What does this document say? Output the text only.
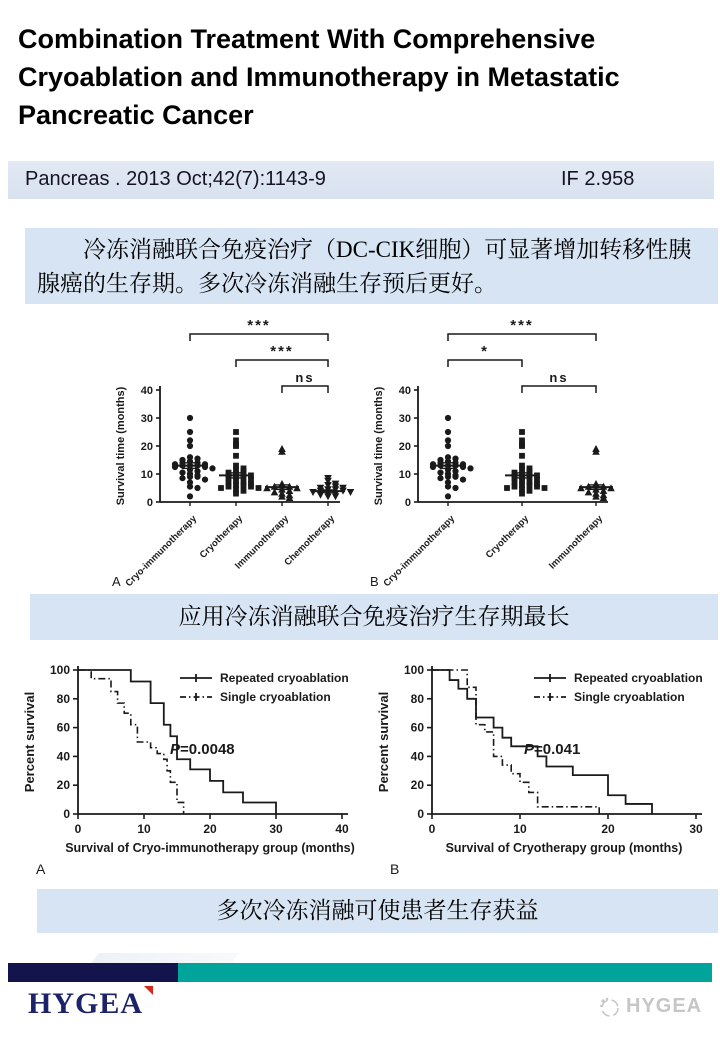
Combination Treatment With Comprehensive
Cryoablation and Immunotherapy in Metastatic
Pancreatic Cancer
Pancreas . 2013 Oct;42(7):1143-9	IF 2.958

冷冻消融联合免疫治疗（DC-CIK细胞）可显著增加转移性胰腺癌的生存期。多次冷冻消融生存预后更好。

0
10
20
30
40
Survival time (months)
Cryo-immunotherapy
Cryotherapy
Immunotherapy
Chemotherapy
***
***
ns
A
0
10
20
30
40
Survival time (months)
Cryo-immunotherapy	Cryotherapy Immunotherapy
***
*
ns
B
应用冷冻消融联合免疫治疗生存期最长
0
20
40
60
80
100
0	10	20	30	40
Percent survival
Survival of Cryo-immunotherapy group (months)
Repeated cryoablation
Single cryoablation
P=0.0048
A
0
20
40
60
80
100
0	10	20	30
Percent survival
Survival of Cryotherapy group (months)
Repeated cryoablation
Single cryoablation
P=0.041
B
多次冷冻消融可使患者生存获益
HYGEA	HYGEA
